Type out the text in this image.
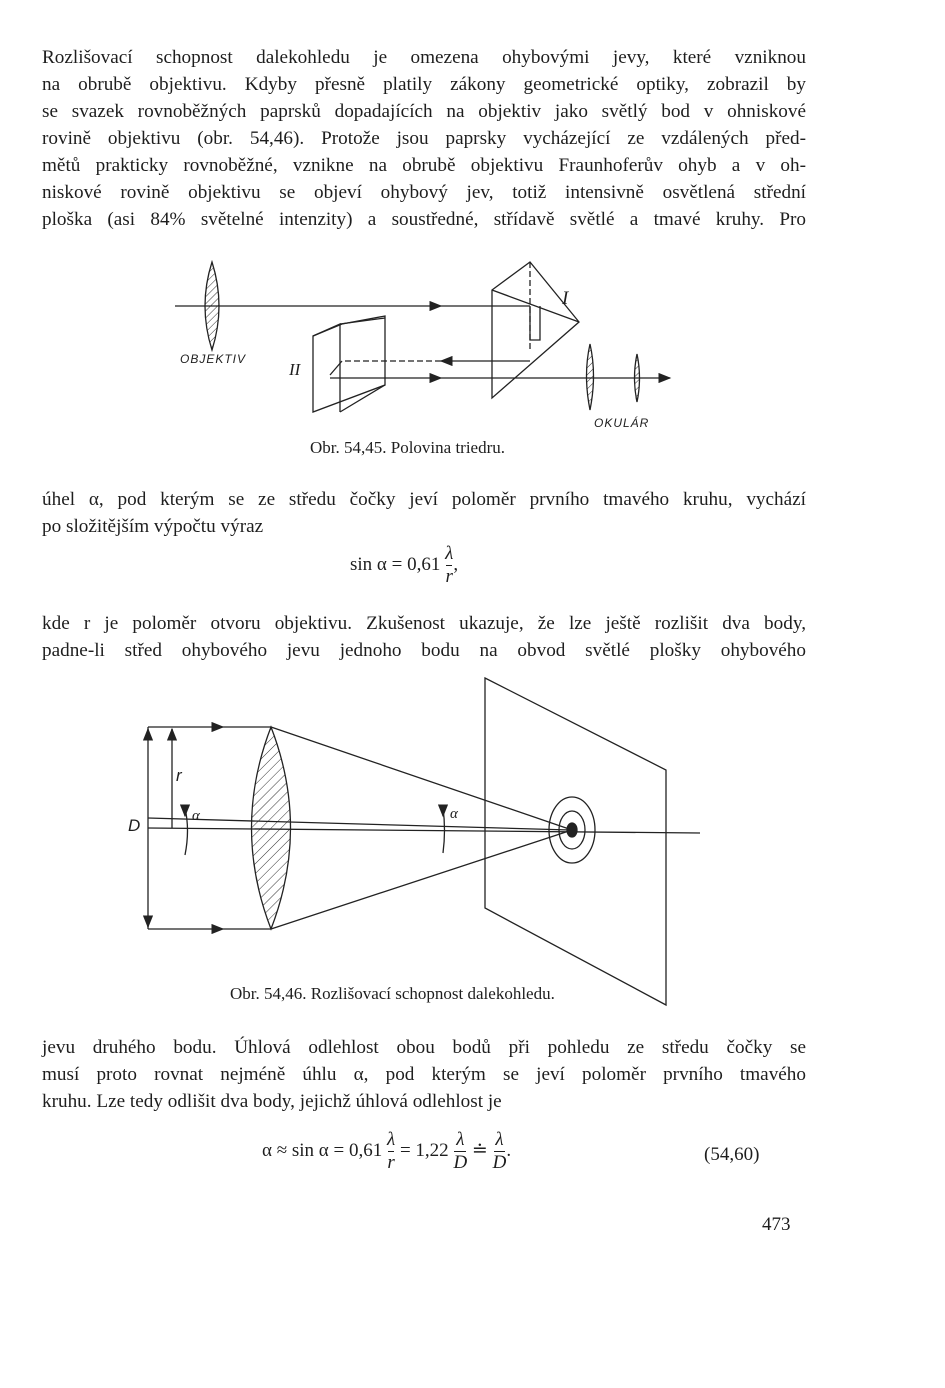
Rozlišovací schopnost dalekohledu je omezena ohybovými jevy, které vzniknou
na obrubě objektivu. Kdyby přesně platily zákony geometrické optiky, zobrazil by
se svazek rovnoběžných paprsků dopadajících na objektiv jako světlý bod v ohniskové
rovině objektivu (obr. 54,46). Protože jsou paprsky vycházející ze vzdálených před-
mětů prakticky rovnoběžné, vznikne na obrubě objektivu Fraunhoferův ohyb a v oh-
niskové rovině objektivu se objeví ohybový jev, totiž intensivně osvětlená střední
ploška (asi 84% světelné intenzity) a soustředné, střídavě světlé a tmavé kruhy. Pro
OBJEKTIV
OKULÁR
I
II
Obr. 54,45. Polovina triedru.
úhel α, pod kterým se ze středu čočky jeví poloměr prvního tmavého kruhu, vychází
po složitějším výpočtu výraz
$\sin \alpha = 0,61 \frac{\lambda}{r}$ ,
kde r je poloměr otvoru objektivu. Zkušenost ukazuje, že lze ještě rozlišit dva body,
padne-li střed ohybového jevu jednoho bodu na obvod světlé plošky ohybového
r
D	α	α
Obr. 54,46. Rozlišovací schopnost dalekohledu.
jevu druhého bodu. Úhlová odlehlost obou bodů při pohledu ze středu čočky se
musí proto rovnat nejméně úhlu α, pod kterým se jeví poloměr prvního tmavého
kruhu. Lze tedy odlišit dva body, jejichž úhlová odlehlost je
$\alpha \approx \sin \alpha = 0,61 \frac{\lambda}{r} = 1,22 \frac{\lambda}{D}$ ≐ $\frac{\lambda}{D}$ .	(54,60)
473
